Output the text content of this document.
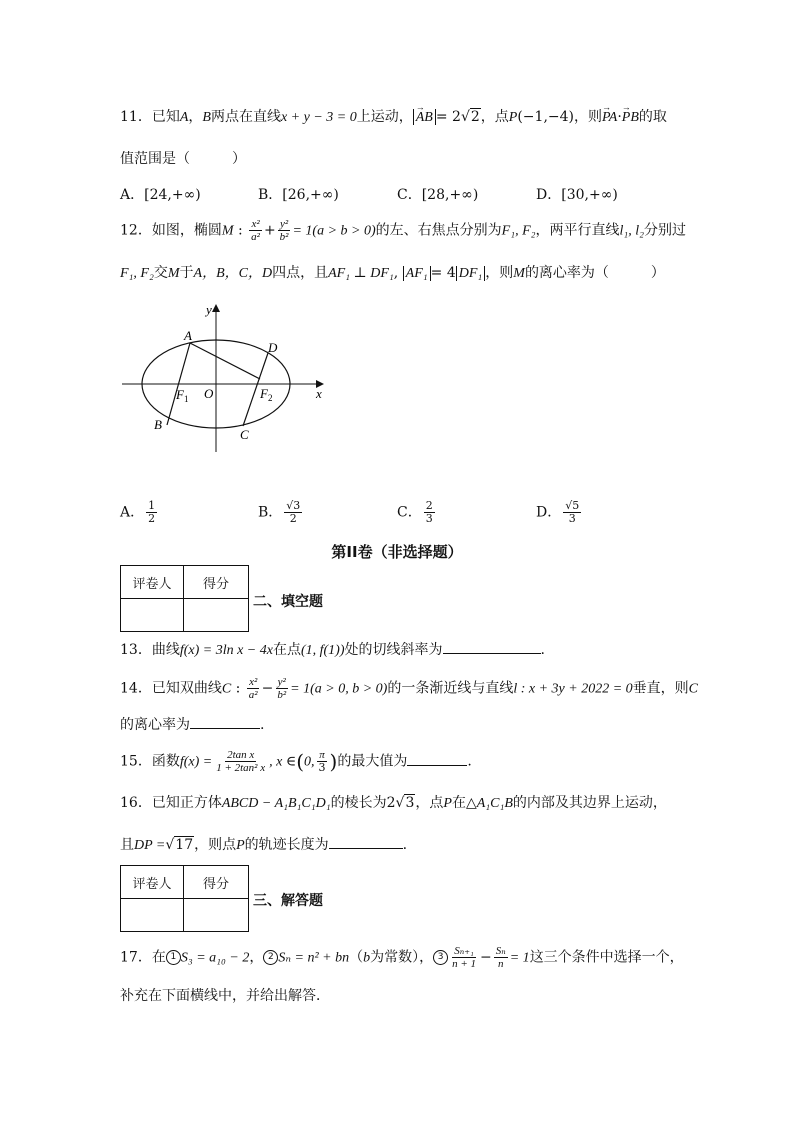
11．已知A，B两点在直线x + y − 3 = 0上运动， → AB = 2√2，点P(−1,−4)，则→ PA·→ PB的取
值范围是（　　　）
A．[24,+∞)	B．[26,+∞)	C．[28,+∞)	D．[30,+∞)
12．如图，椭圆M : $\frac{\text{x²}}{\text{a²}} + \frac{\text{y²}}{\text{b²}} = 1(a > b > 0)$的左、右焦点分别为F₁, F₂，两平行直线l₁, l₂分别过
F₁, F₂交M于A，B，C，D四点，且AF₁ ⊥ DF₁, AF₁ = 4 DF₁ ，则M的离心率为（　　　）
y
x
A
D
O
$F_1$	$F_2$
B
C
A． $\frac{1}{2}$	B． $\frac{√3}{2}$	C． $\frac{2}{3}$	D． $\frac{√5}{3}$
第II卷（非选择题）
评卷人	得分

二、填空题
13．曲线f(x) = 3ln x − 4x在点(1, f(1))处的切线斜率为	.
14．已知双曲线C : $\frac{\text{x²}}{\text{a²}} - \frac{\text{y²}}{\text{b²}} = 1(a > 0$, b > 0)的一条渐近线与直线l : x + 3y + 2022 = 0垂直，则C
的离心率为	.
15．函数$f(x) = \frac{\text{2tan x}}{\text{1 + 2tan² x}}$ , x ∈(0, $\frac{\pi}{3}$ )的最大值为	.
16．已知正方体ABCD − A₁B₁C₁D₁的棱长为2√3，点P在△A₁C₁B的内部及其边界上运动，
且DP =√17，则点P的轨迹长度为	.
评卷人	得分

三、解答题
17．在 1 S₃ = a₁₀ − 2， 2 Sₙ = n² + bn（b为常数）， $3 \frac{\text{Sₙ₊₁}}{n + 1} - \frac{\text{Sₙ}}{n} = 1$这三个条件中选择一个，
补充在下面横线中，并给出解答．
